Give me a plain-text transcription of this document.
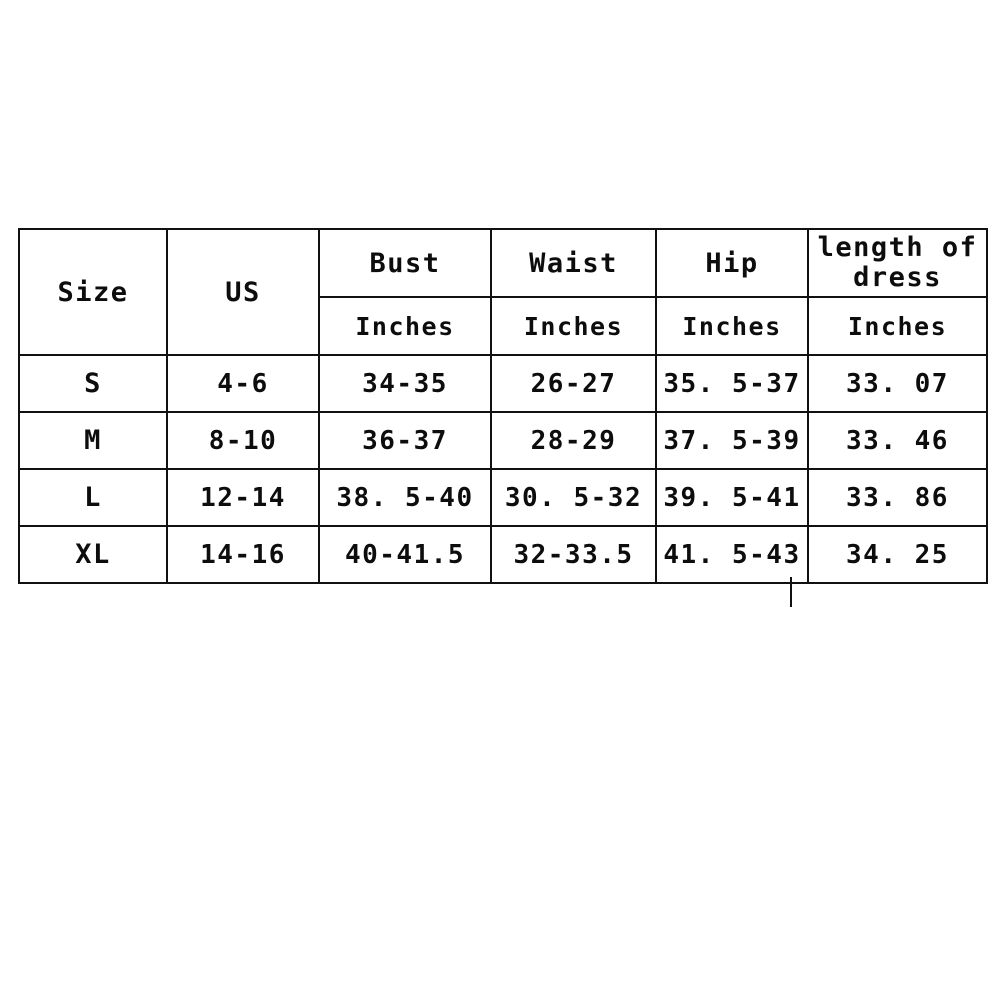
Size	US	Bust	Waist	Hip	length of dress
		Inches	Inches	Inches	Inches
S	4-6	34-35	26-27	35. 5-37	33. 07
M	8-10	36-37	28-29	37. 5-39	33. 46
L	12-14	38. 5-40	30. 5-32	39. 5-41	33. 86
XL	14-16	40-41.5	32-33.5	41. 5-43	34. 25
